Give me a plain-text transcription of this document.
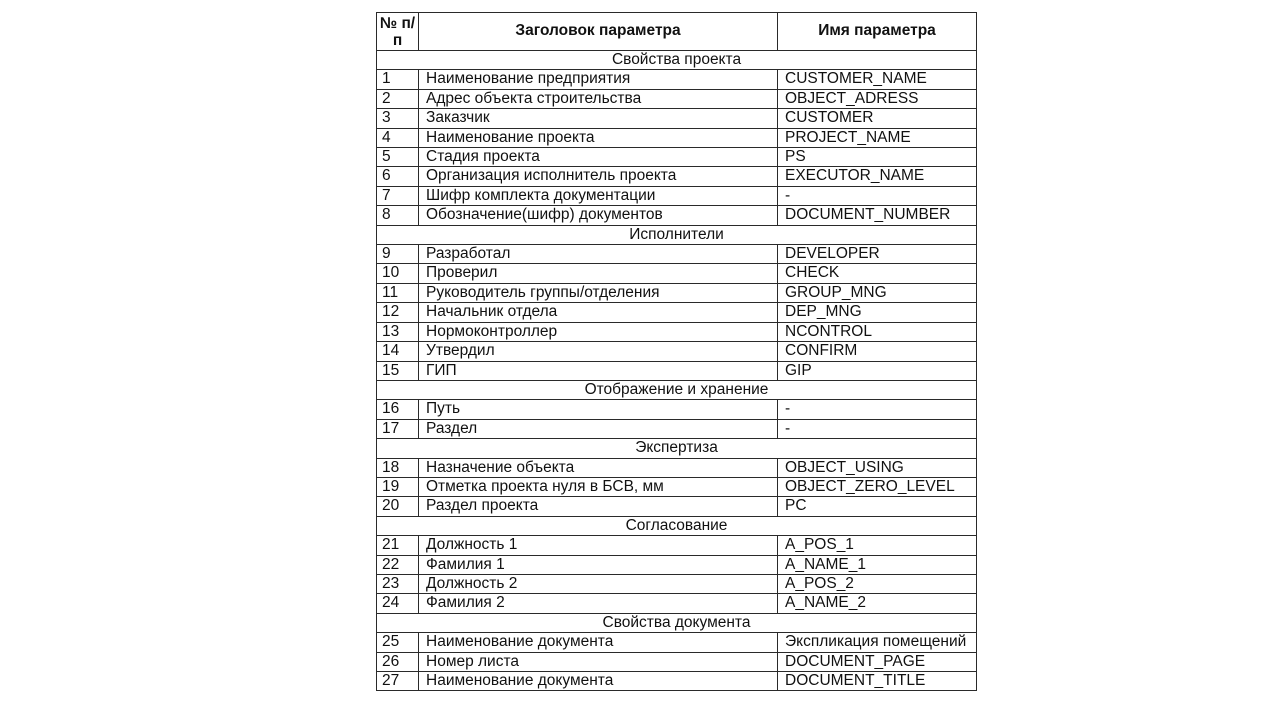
№ п/п	Заголовок параметра	Имя параметра
Свойства проекта		
1	Наименование предприятия	CUSTOMER_NAME
2	Адрес объекта строительства	OBJECT_ADRESS
3	Заказчик	CUSTOMER
4	Наименование проекта	PROJECT_NAME
5	Стадия проекта	PS
6	Организация исполнитель проекта	EXECUTOR_NAME
7	Шифр комплекта документации	-
8	Обозначение(шифр) документов	DOCUMENT_NUMBER
Исполнители		
9	Разработал	DEVELOPER
10	Проверил	CHECK
11	Руководитель группы/отделения	GROUP_MNG
12	Начальник отдела	DEP_MNG
13	Нормоконтроллер	NCONTROL
14	Утвердил	CONFIRM
15	ГИП	GIP
Отображение и хранение		
16	Путь	-
17	Раздел	-
Экспертиза		
18	Назначение объекта	OBJECT_USING
19	Отметка проекта нуля в БСВ, мм	OBJECT_ZERO_LEVEL
20	Раздел проекта	PC
Согласование		
21	Должность 1	A_POS_1
22	Фамилия 1	A_NAME_1
23	Должность 2	A_POS_2
24	Фамилия 2	A_NAME_2
Свойства документа		
25	Наименование документа	Экспликация помещений
26	Номер листа	DOCUMENT_PAGE
27	Наименование документа	DOCUMENT_TITLE
